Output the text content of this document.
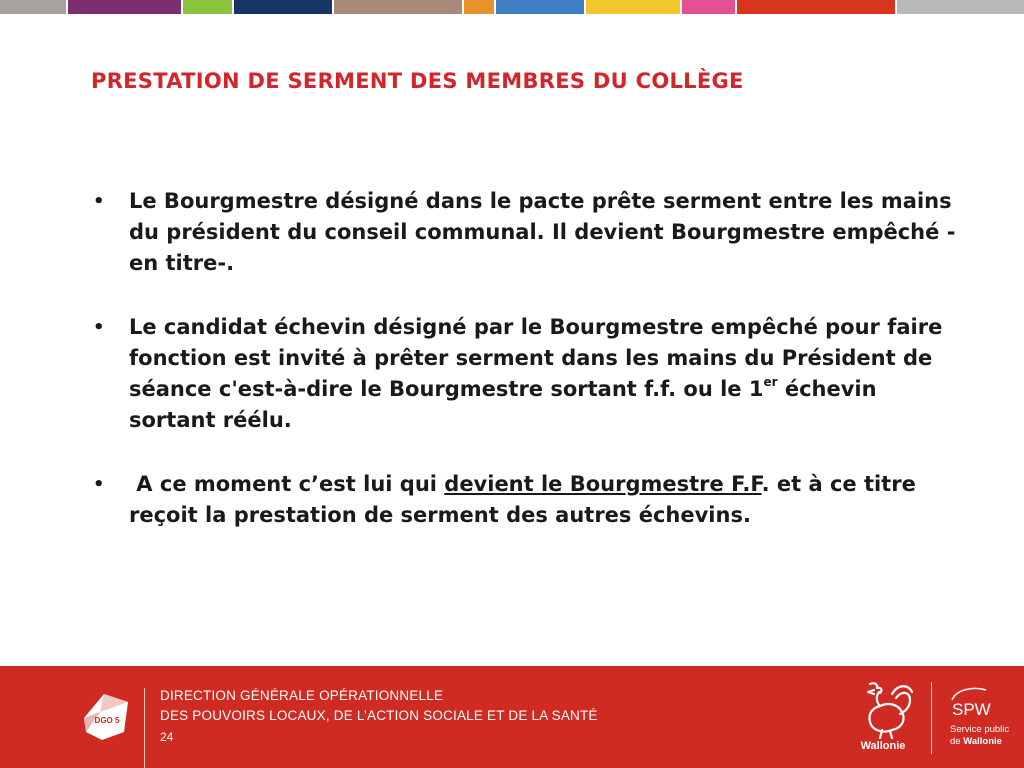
PRESTATION DE SERMENT DES MEMBRES DU COLLÈGE
• Le Bourgmestre désigné dans le pacte prête serment entre les mains du président du conseil communal. Il devient Bourgmestre empêché - en titre-.
• Le candidat échevin désigné par le Bourgmestre empêché pour faire fonction est invité à prêter serment dans les mains du Président de séance c'est-à-dire le Bourgmestre sortant f.f. ou le 1er échevin sortant réélu.
• A ce moment c’est lui qui devient le Bourgmestre F.F. et à ce titre reçoit la prestation de serment des autres échevins.
DGO 5
DIRECTION GÉNÉRALE OPÉRATIONNELLE
DES POUVOIRS LOCAUX, DE L’ACTION SOCIALE ET DE LA SANTÉ
24
Wallonie
SPW
Service public
de Wallonie
